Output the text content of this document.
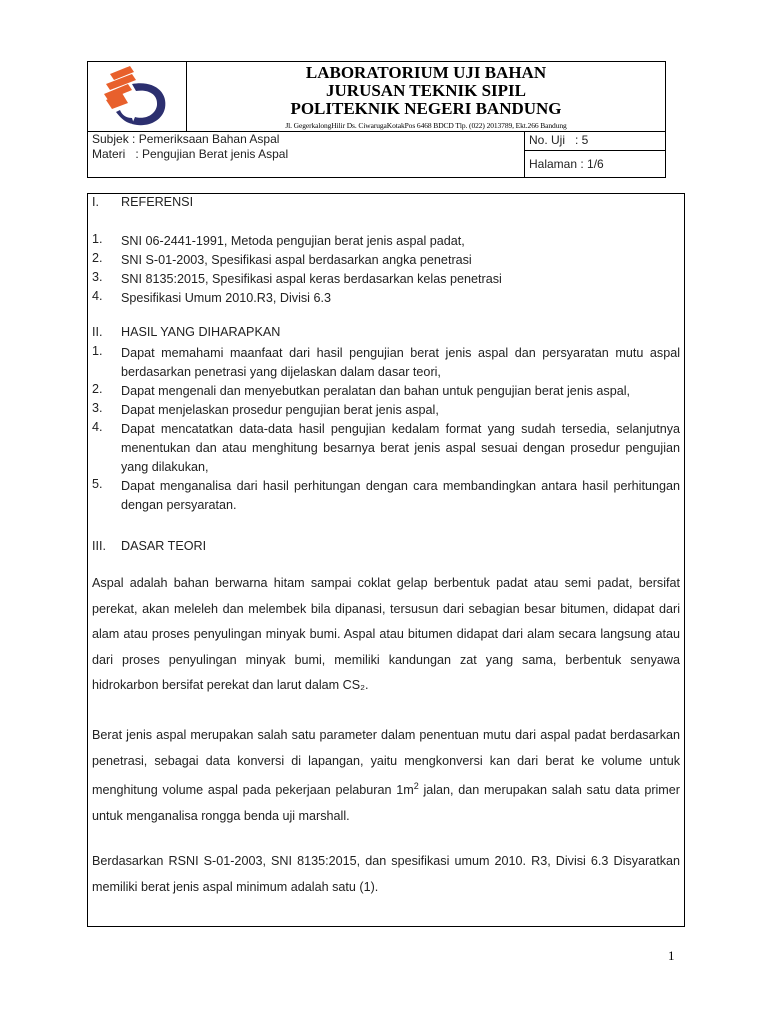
LABORATORIUM UJI BAHAN
JURUSAN TEKNIK SIPIL
POLITEKNIK NEGERI BANDUNG
Jl. GegerkalongHilir Ds. CiwarugaKotakPos 6468 BDCD Tlp. (022) 2013789, Ekt.266 Bandung
Subjek : Pemeriksaan Bahan Aspal
Materi   : Pengujian Berat jenis Aspal
No. Uji   : 5
Halaman : 1/6
I. REFERENSI
1. SNI 06-2441-1991, Metoda pengujian berat jenis aspal padat,
2. SNI S-01-2003, Spesifikasi aspal berdasarkan angka penetrasi
3. SNI 8135:2015, Spesifikasi aspal keras berdasarkan kelas penetrasi
4. Spesifikasi Umum 2010.R3, Divisi 6.3
II. HASIL YANG DIHARAPKAN
1. Dapat memahami maanfaat dari hasil pengujian berat jenis aspal dan persyaratan mutu aspal berdasarkan penetrasi yang dijelaskan dalam dasar teori,
2. Dapat mengenali dan menyebutkan peralatan dan bahan untuk pengujian berat jenis aspal,
3. Dapat menjelaskan prosedur pengujian berat jenis aspal,
4. Dapat mencatatkan data-data hasil pengujian kedalam format yang sudah tersedia, selanjutnya menentukan dan atau menghitung besarnya berat jenis aspal sesuai dengan prosedur pengujian yang dilakukan,
5. Dapat menganalisa dari hasil perhitungan dengan cara membandingkan antara hasil perhitungan dengan persyaratan.
III. DASAR TEORI
Aspal adalah bahan berwarna hitam sampai coklat gelap berbentuk padat atau semi padat, bersifat perekat, akan meleleh dan melembek bila dipanasi, tersusun dari sebagian besar bitumen, didapat dari alam atau proses penyulingan minyak bumi. Aspal atau bitumen didapat dari alam secara langsung atau dari proses penyulingan minyak bumi, memiliki kandungan zat yang sama, berbentuk senyawa hidrokarbon bersifat perekat dan larut dalam CS₂.
Berat jenis aspal merupakan salah satu parameter dalam penentuan mutu dari aspal padat berdasarkan penetrasi, sebagai data konversi di lapangan, yaitu mengkonversi kan dari berat ke volume untuk menghitung volume aspal pada pekerjaan pelaburan $1m^2$ jalan, dan merupakan salah satu data primer untuk menganalisa rongga benda uji marshall.
Berdasarkan RSNI S-01-2003, SNI 8135:2015, dan spesifikasi umum 2010. R3, Divisi 6.3 Disyaratkan memiliki berat jenis aspal minimum adalah satu (1).
1
